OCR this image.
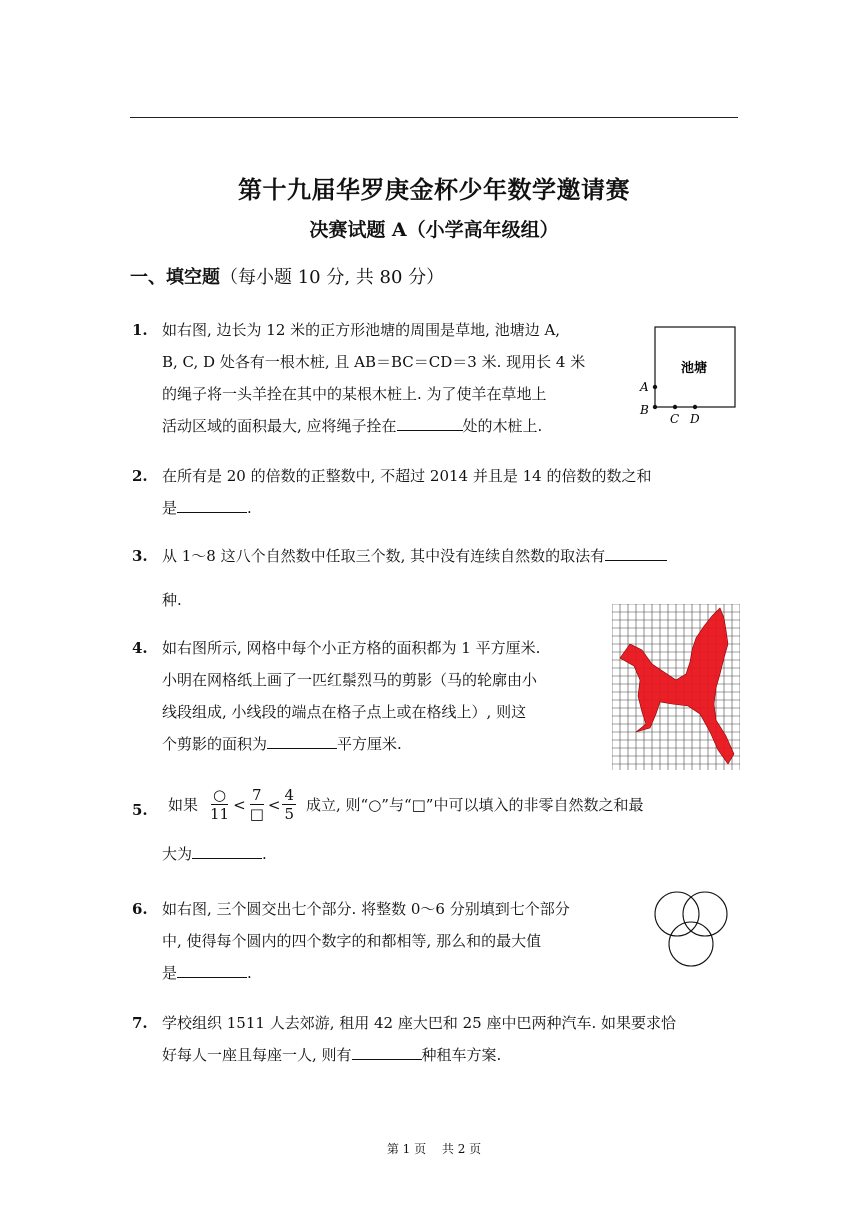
第十九届华罗庚金杯少年数学邀请赛
决赛试题 A（小学高年级组）
一、填空题（每小题 10 分, 共 80 分）
1. 如右图, 边长为 12 米的正方形池塘的周围是草地, 池塘边 A,
B, C, D 处各有一根木桩, 且 AB＝BC＝CD＝3 米. 现用长 4 米
的绳子将一头羊拴在其中的某根木桩上. 为了使羊在草地上
活动区域的面积最大, 应将绳子拴在	处的木桩上.
池塘
A
B
C D
2. 在所有是 20 的倍数的正整数中, 不超过 2014 并且是 14 的倍数的数之和
是	.
3. 从 1～8 这八个自然数中任取三个数, 其中没有连续自然数的取法有
种.
4. 如右图所示, 网格中每个小正方格的面积都为 1 平方厘米.
小明在网格纸上画了一匹红鬃烈马的剪影（马的轮廓由小
线段组成, 小线段的端点在格子点上或在格线上）, 则这
个剪影的面积为	平方厘米.
5.	如果 $\frac{○}{11} < \frac{7}{□} < \frac{4}{5}$ 成立, 则“○”与“□”中可以填入的非零自然数之和最
大为	.
6. 如右图, 三个圆交出七个部分. 将整数 0～6 分别填到七个部分
中, 使得每个圆内的四个数字的和都相等, 那么和的最大值
是	.
7. 学校组织 1511 人去郊游, 租用 42 座大巴和 25 座中巴两种汽车. 如果要求恰
好每人一座且每座一人, 则有	种租车方案.
第 1 页　 共 2 页
